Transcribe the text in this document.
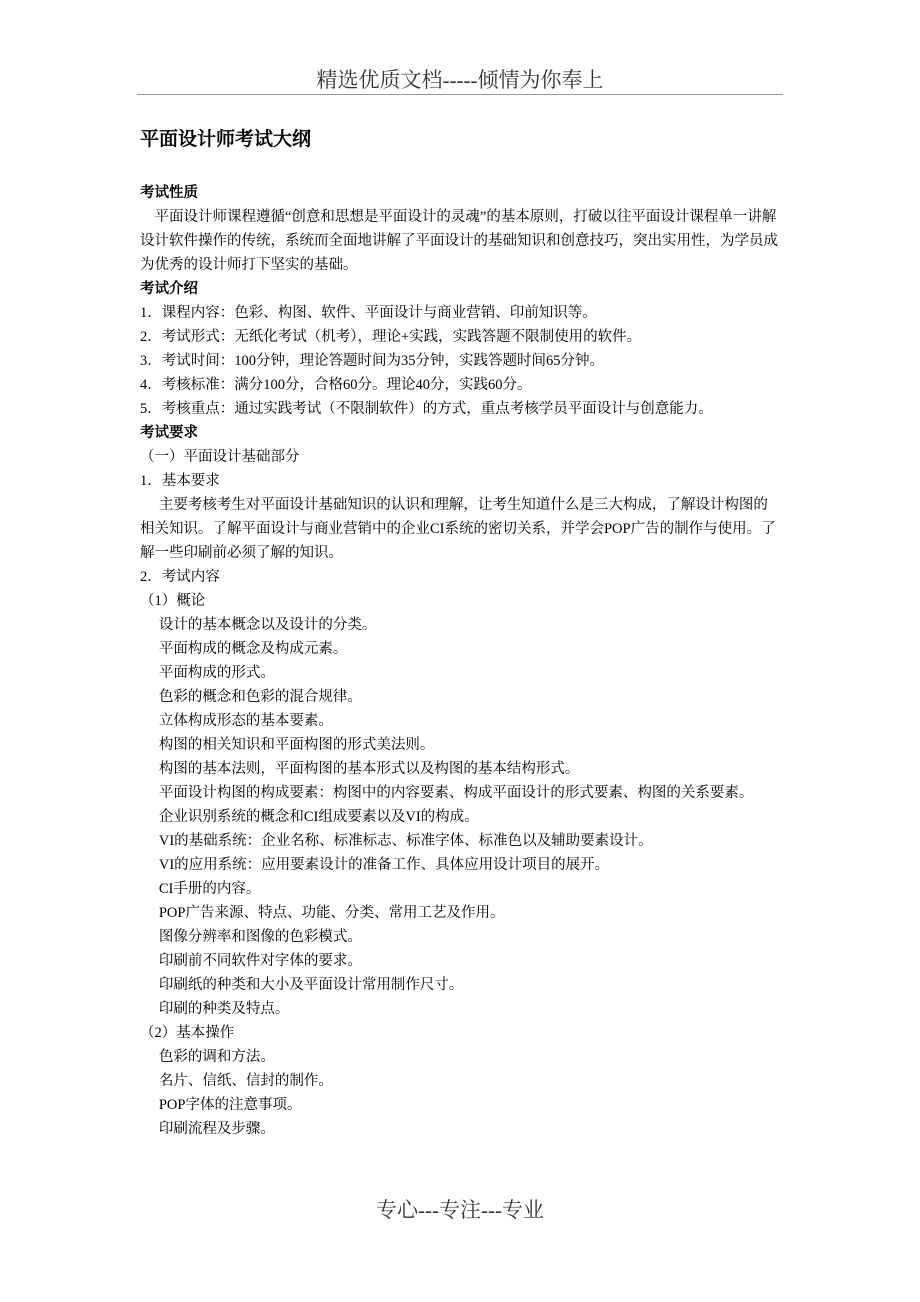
精选优质文档-----倾情为你奉上
平面设计师考试大纲

考试性质

平面设计师课程遵循“创意和思想是平面设计的灵魂”的基本原则，打破以往平面设计课程单一讲解设计软件操作的传统，系统而全面地讲解了平面设计的基础知识和创意技巧，突出实用性，为学员成为优秀的设计师打下坚实的基础。

考试介绍

1．课程内容：色彩、构图、软件、平面设计与商业营销、印前知识等。

2．考试形式：无纸化考试（机考），理论+实践，实践答题不限制使用的软件。

3．考试时间：100分钟，理论答题时间为35分钟，实践答题时间65分钟。

4．考核标准：满分100分，合格60分。理论40分，实践60分。

5．考核重点：通过实践考试（不限制软件）的方式，重点考核学员平面设计与创意能力。

考试要求

（一）平面设计基础部分

1．基本要求

主要考核考生对平面设计基础知识的认识和理解，让考生知道什么是三大构成，了解设计构图的相关知识。了解平面设计与商业营销中的企业CI系统的密切关系，并学会POP广告的制作与使用。了解一些印刷前必须了解的知识。

2．考试内容

（1）概论

设计的基本概念以及设计的分类。

平面构成的概念及构成元素。

平面构成的形式。

色彩的概念和色彩的混合规律。

立体构成形态的基本要素。

构图的相关知识和平面构图的形式美法则。

构图的基本法则，平面构图的基本形式以及构图的基本结构形式。

平面设计构图的构成要素：构图中的内容要素、构成平面设计的形式要素、构图的关系要素。

企业识别系统的概念和CI组成要素以及VI的构成。

VI的基础系统：企业名称、标准标志、标准字体、标准色以及辅助要素设计。

VI的应用系统：应用要素设计的准备工作、具体应用设计项目的展开。

CI手册的内容。

POP广告来源、特点、功能、分类、常用工艺及作用。

图像分辨率和图像的色彩模式。

印刷前不同软件对字体的要求。

印刷纸的种类和大小及平面设计常用制作尺寸。

印刷的种类及特点。

（2）基本操作

色彩的调和方法。

名片、信纸、信封的制作。

POP字体的注意事项。

印刷流程及步骤。

专心---专注---专业
